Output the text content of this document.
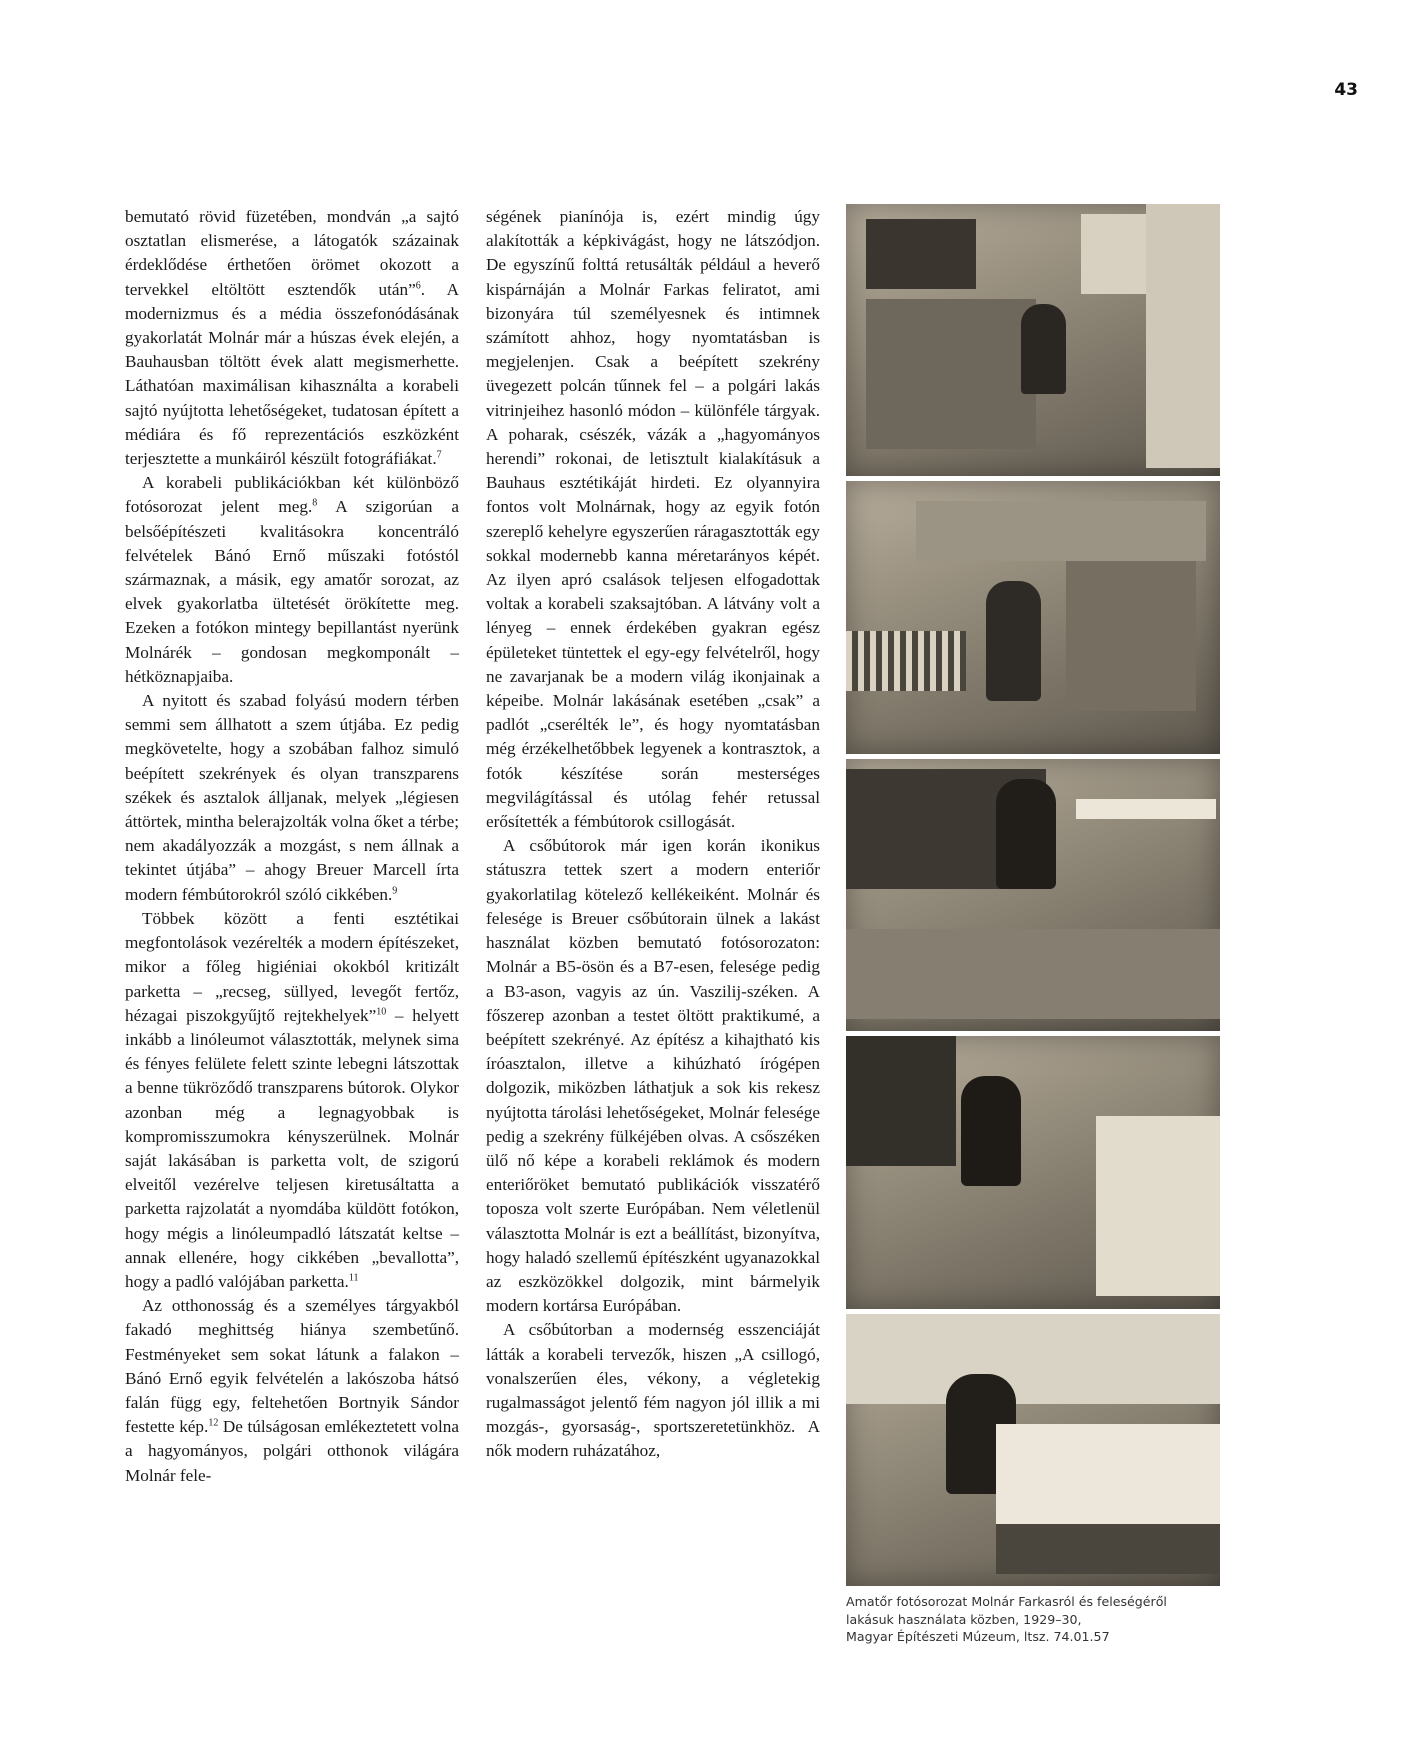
43

bemutató rövid füzetében, mondván „a sajtó osztatlan elismerése, a látogatók százainak érdeklődése érthetően örömet okozott a tervekkel eltöltött esztendők után”$^6$. A modernizmus és a média összefonódásának gyakorlatát Molnár már a húszas évek elején, a Bauhausban töltött évek alatt megismerhette. Láthatóan maximálisan kihasználta a korabeli sajtó nyújtotta lehetőségeket, tudatosan épített a médiára és fő reprezentációs eszközként terjesztette a munkáiról készült fotográfiákat.$^7$

A korabeli publikációkban két különböző fotósorozat jelent meg.$^8$ A szigorúan a belsőépítészeti kvalitásokra koncentráló felvételek Bánó Ernő műszaki fotóstól származnak, a másik, egy amatőr sorozat, az elvek gyakorlatba ültetését örökítette meg. Ezeken a fotókon mintegy bepillantást nyerünk Molnárék – gondosan megkomponált – hétköznapjaiba.

A nyitott és szabad folyású modern térben semmi sem állhatott a szem útjába. Ez pedig megkövetelte, hogy a szobában falhoz simuló beépített szekrények és olyan transzparens székek és asztalok álljanak, melyek „légiesen áttörtek, mintha belerajzolták volna őket a térbe; nem akadályozzák a mozgást, s nem állnak a tekintet útjába” – ahogy Breuer Marcell írta modern fémbútorokról szóló cikkében.$^9$

Többek között a fenti esztétikai megfontolások vezérelték a modern építészeket, mikor a főleg higiéniai okokból kritizált parketta – „recseg, süllyed, levegőt fertőz, hézagai piszokgyűjtő rejtekhelyek”$^{10}$ – helyett inkább a linóleumot választották, melynek sima és fényes felülete felett szinte lebegni látszottak a benne tükröződő transzparens bútorok. Olykor azonban még a legnagyobbak is kompromisszumokra kényszerülnek. Molnár saját lakásában is parketta volt, de szigorú elveitől vezérelve teljesen kiretusáltatta a parketta rajzolatát a nyomdába küldött fotókon, hogy mégis a linóleumpadló látszatát keltse – annak ellenére, hogy cikkében „bevallotta”, hogy a padló valójában parketta.$^{11}$

Az otthonosság és a személyes tárgyakból fakadó meghittség hiánya szembetűnő. Festményeket sem sokat látunk a falakon – Bánó Ernő egyik felvételén a lakószoba hátsó falán függ egy, feltehetően Bortnyik Sándor festette kép.$^{12}$ De túlságosan emlékeztetett volna a hagyományos, polgári otthonok világára Molnár fele-

ségének pianínója is, ezért mindig úgy alakították a képkivágást, hogy ne látszódjon. De egyszínű folttá retusálták például a heverő kispárnáján a Molnár Farkas feliratot, ami bizonyára túl személyesnek és intimnek számított ahhoz, hogy nyomtatásban is megjelenjen. Csak a beépített szekrény üvegezett polcán tűnnek fel – a polgári lakás vitrinjeihez hasonló módon – különféle tárgyak. A poharak, csészék, vázák a „hagyományos herendi” rokonai, de letisztult kialakításuk a Bauhaus esztétikáját hirdeti. Ez olyannyira fontos volt Molnárnak, hogy az egyik fotón szereplő kehelyre egyszerűen ráragasztották egy sokkal modernebb kanna méretarányos képét. Az ilyen apró csalások teljesen elfogadottak voltak a korabeli szaksajtóban. A látvány volt a lényeg – ennek érdekében gyakran egész épületeket tüntettek el egy-egy felvételről, hogy ne zavarjanak be a modern világ ikonjainak a képeibe. Molnár lakásának esetében „csak” a padlót „cserélték le”, és hogy nyomtatásban még érzékelhetőbbek legyenek a kontrasztok, a fotók készítése során mesterséges megvilágítással és utólag fehér retussal erősítették a fémbútorok csillogását.

A csőbútorok már igen korán ikonikus státuszra tettek szert a modern enteriőr gyakorlatilag kötelező kellékeiként. Molnár és felesége is Breuer csőbútorain ülnek a lakást használat közben bemutató fotósorozaton: Molnár a B5-ösön és a B7-esen, felesége pedig a B3-ason, vagyis az ún. Vaszilij-széken. A főszerep azonban a testet öltött praktikumé, a beépített szekrényé. Az építész a kihajtható kis íróasztalon, illetve a kihúzható írógépen dolgozik, miközben láthatjuk a sok kis rekesz nyújtotta tárolási lehetőségeket, Molnár felesége pedig a szekrény fülkéjében olvas. A csőszéken ülő nő képe a korabeli reklámok és modern enteriőröket bemutató publikációk visszatérő toposza volt szerte Európában. Nem véletlenül választotta Molnár is ezt a beállítást, bizonyítva, hogy haladó szellemű építészként ugyanazokkal az eszközökkel dolgozik, mint bármelyik modern kortársa Európában.

A csőbútorban a modernség esszenciáját látták a korabeli tervezők, hiszen „A csillogó, vonalszerűen éles, vékony, a végletekig rugalmasságot jelentő fém nagyon jól illik a mi mozgás-, gyorsaság-, sportszeretetünkhöz. A nők modern ruházatához,

Amatőr fotósorozat Molnár Farkasról és feleségéről
lakásuk használata közben, 1929–30,
Magyar Építészeti Múzeum, ltsz. 74.01.57
